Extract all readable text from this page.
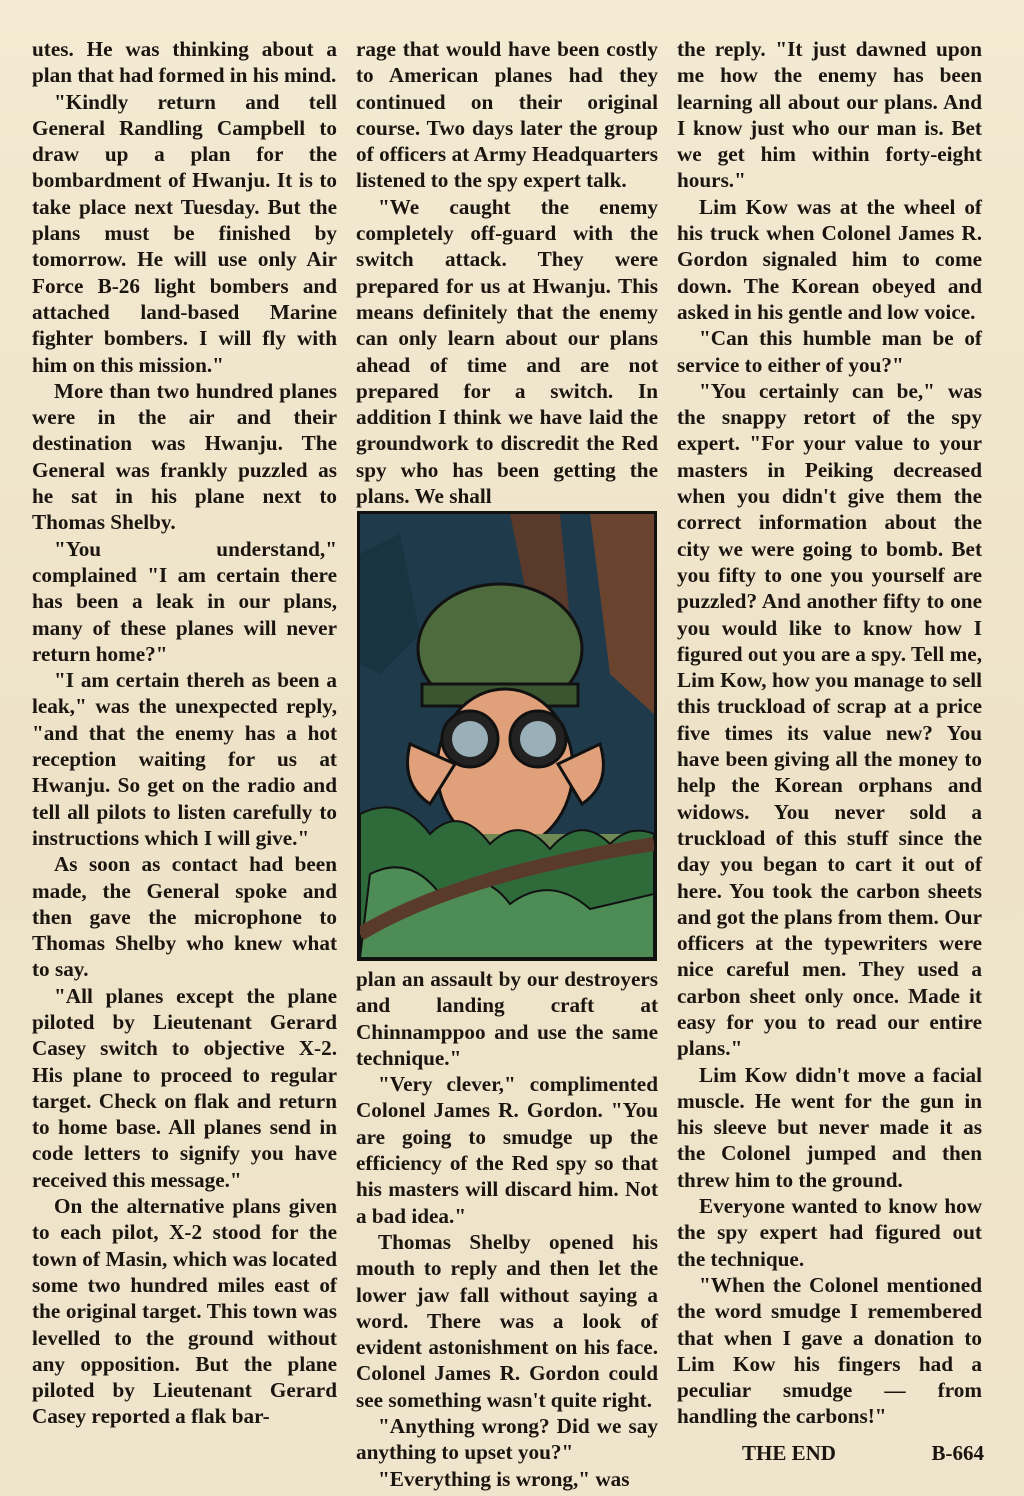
utes. He was thinking about a plan that had formed in his mind.

"Kindly return and tell General Randling Campbell to draw up a plan for the bombardment of Hwanju. It is to take place next Tuesday. But the plans must be finished by tomorrow. He will use only Air Force B-26 light bombers and attached land-based Marine fighter bombers. I will fly with him on this mission."

More than two hundred planes were in the air and their destination was Hwanju. The General was frankly puzzled as he sat in his plane next to Thomas Shelby.

"You understand," complained "I am certain there has been a leak in our plans, many of these planes will never return home?"

"I am certain thereh as been a leak," was the unexpected reply, "and that the enemy has a hot reception waiting for us at Hwanju. So get on the radio and tell all pilots to listen carefully to instructions which I will give."

As soon as contact had been made, the General spoke and then gave the microphone to Thomas Shelby who knew what to say.

"All planes except the plane piloted by Lieutenant Gerard Casey switch to objective X-2. His plane to proceed to regular target. Check on flak and return to home base. All planes send in code letters to signify you have received this message."

On the alternative plans given to each pilot, X-2 stood for the town of Masin, which was located some two hundred miles east of the original target. This town was levelled to the ground without any opposition. But the plane piloted by Lieutenant Gerard Casey reported a flak bar-

rage that would have been costly to American planes had they continued on their original course. Two days later the group of officers at Army Headquarters listened to the spy expert talk.

"We caught the enemy completely off-guard with the switch attack. They were prepared for us at Hwanju. This means definitely that the enemy can only learn about our plans ahead of time and are not prepared for a switch. In addition I think we have laid the groundwork to discredit the Red spy who has been getting the plans. We shall

plan an assault by our destroyers and landing craft at Chinnamppoo and use the same technique."

"Very clever," complimented Colonel James R. Gordon. "You are going to smudge up the efficiency of the Red spy so that his masters will discard him. Not a bad idea."

Thomas Shelby opened his mouth to reply and then let the lower jaw fall without saying a word. There was a look of evident astonishment on his face. Colonel James R. Gordon could see something wasn't quite right.

"Anything wrong? Did we say anything to upset you?"

"Everything is wrong," was

the reply. "It just dawned upon me how the enemy has been learning all about our plans. And I know just who our man is. Bet we get him within forty-eight hours."

Lim Kow was at the wheel of his truck when Colonel James R. Gordon signaled him to come down. The Korean obeyed and asked in his gentle and low voice.

"Can this humble man be of service to either of you?"

"You certainly can be," was the snappy retort of the spy expert. "For your value to your masters in Peiking decreased when you didn't give them the correct information about the city we were going to bomb. Bet you fifty to one you yourself are puzzled? And another fifty to one you would like to know how I figured out you are a spy. Tell me, Lim Kow, how you manage to sell this truckload of scrap at a price five times its value new? You have been giving all the money to help the Korean orphans and widows. You never sold a truckload of this stuff since the day you began to cart it out of here. You took the carbon sheets and got the plans from them. Our officers at the typewriters were nice careful men. They used a carbon sheet only once. Made it easy for you to read our entire plans."

Lim Kow didn't move a facial muscle. He went for the gun in his sleeve but never made it as the Colonel jumped and then threw him to the ground.

Everyone wanted to know how the spy expert had figured out the technique.

"When the Colonel mentioned the word smudge I remembered that when I gave a donation to Lim Kow his fingers had a peculiar smudge — from handling the carbons!"

THE END	B-664
